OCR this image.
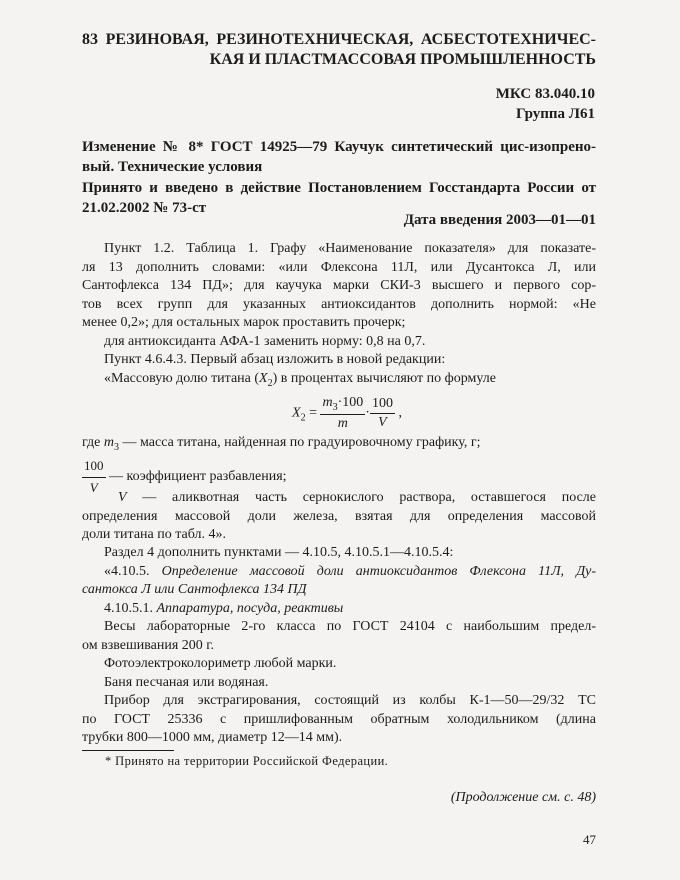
83 РЕЗИНОВАЯ, РЕЗИНОТЕХНИЧЕСКАЯ, АСБЕСТОТЕХНИЧЕС-
КАЯ И ПЛАСТМАССОВАЯ ПРОМЫШЛЕННОСТЬ
МКС 83.040.10
Группа Л61
Изменение № 8* ГОСТ 14925—79 Каучук синтетический цис-изопрено-
вый. Технические условия
Принято и введено в действие Постановлением Госстандарта России от
21.02.2002 № 73-ст
Дата введения 2003—01—01
Пункт 1.2. Таблица 1. Графу «Наименование показателя» для показате-
ля 13 дополнить словами: «или Флексона 11Л, или Дусантокса Л, или
Сантофлекса 134 ПД»; для каучука марки СКИ-3 высшего и первого сор-
тов всех групп для указанных антиоксидантов дополнить нормой: «Не
менее 0,2»; для остальных марок проставить прочерк;
для антиоксиданта АФА-1 заменить норму: 0,8 на 0,7.
Пункт 4.6.4.3. Первый абзац изложить в новой редакции:
«Массовую долю титана $(X_2)$ в процентах вычисляют по формуле
$X_2 = \frac{m_3\cdot 100}{m} \cdot \frac{100}{V}$ ,
где $m_3$ — масса титана, найденная по градуировочному графику, г;
$\frac{100}{V}$ — коэффициент разбавления;
V — аликвотная часть сернокислого раствора, оставшегося после
определения массовой доли железа, взятая для определения массовой
доли титана по табл. 4».
Раздел 4 дополнить пунктами — 4.10.5, 4.10.5.1—4.10.5.4:
«4.10.5. Определение массовой доли антиоксидантов Флексона 11Л, Ду-
сантокса Л или Сантофлекса 134 ПД
4.10.5.1. Аппаратура, посуда, реактивы
Весы лабораторные 2-го класса по ГОСТ 24104 с наибольшим предел-
ом взвешивания 200 г.
Фотоэлектроколориметр любой марки.
Баня песчаная или водяная.
Прибор для экстрагирования, состоящий из колбы К-1—50—29/32 ТС
по ГОСТ 25336 с пришлифованным обратным холодильником (длина
трубки 800—1000 мм, диаметр 12—14 мм).
* Принято на территории Российской Федерации.
(Продолжение см. с. 48)
47
